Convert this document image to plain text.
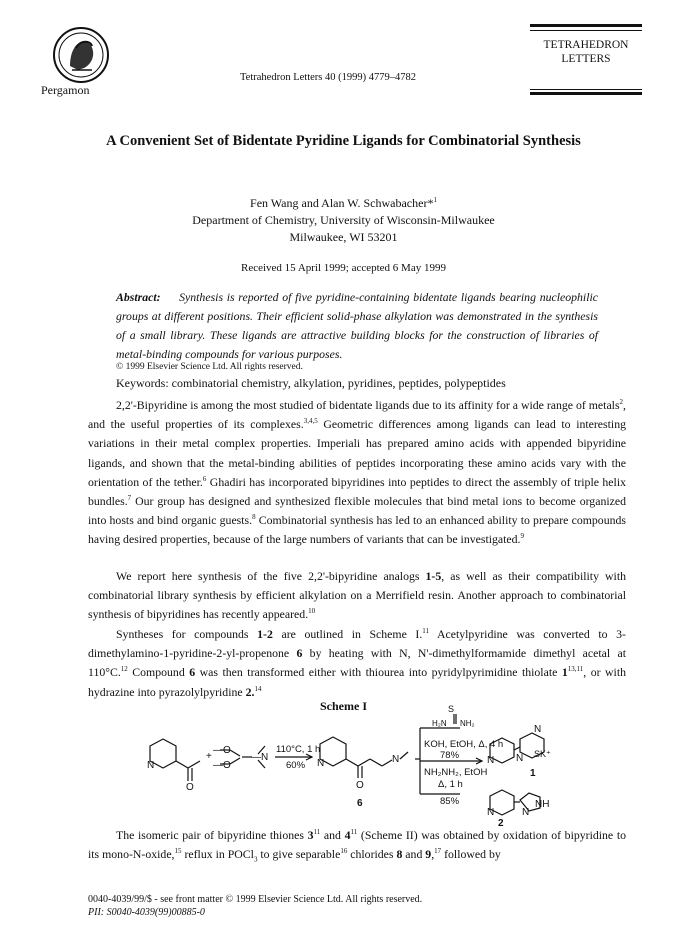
Pergamon
Tetrahedron Letters 40 (1999) 4779–4782
TETRAHEDRON
LETTERS
A Convenient Set of Bidentate Pyridine Ligands for Combinatorial Synthesis
Fen Wang and Alan W. Schwabacher*$^1$
Department of Chemistry, University of Wisconsin-Milwaukee
Milwaukee, WI 53201
Received 15 April 1999; accepted 6 May 1999
Abstract: Synthesis is reported of five pyridine-containing bidentate ligands bearing nucleophilic groups at different positions. Their efficient solid-phase alkylation was demonstrated in the synthesis of a small library. These ligands are attractive building blocks for the construction of libraries of metal-binding compounds for various purposes.
© 1999 Elsevier Science Ltd. All rights reserved.
Keywords: combinatorial chemistry, alkylation, pyridines, peptides, polypeptides

2,2'-Bipyridine is among the most studied of bidentate ligands due to its affinity for a wide range of metals$^2$, and the useful properties of its complexes.$^{3,4,5}$ Geometric differences among ligands can lead to interesting variations in their metal complex properties. Imperiali has prepared amino acids with appended bipyridine ligands, and shown that the metal-binding abilities of peptides incorporating these amino acids vary with the orientation of the tether.$^6$ Ghadiri has incorporated bipyridines into peptides to direct the assembly of triple helix bundles.$^7$ Our group has designed and synthesized flexible molecules that bind metal ions to become organized into hosts and bind organic guests.$^8$ Combinatorial synthesis has led to an enhanced ability to prepare compounds having desired properties, because of the large numbers of variants that can be investigated.$^9$

We report here synthesis of the five 2,2'-bipyridine analogs 1-5, as well as their compatibility with combinatorial library synthesis by efficient alkylation on a Merrifield resin. Another approach to combinatorial synthesis of bipyridines has recently appeared.$^{10}$

Syntheses for compounds 1-2 are outlined in Scheme I.$^{11}$ Acetylpyridine was converted to 3-dimethylamino-1-pyridine-2-yl-propenone 6 by heating with N, N'-dimethylformamide dimethyl acetal at 110°C.$^{12}$ Compound 6 was then transformed either with thiourea into pyridylpyrimidine thiolate 1$^{13,11}$, or with hydrazine into pyrazolylpyridine 2.14

Scheme I
N
O
+
—O
—O
—N
N
O
N	N N
N
N	N
NH
S
H₂N NH₂
SK⁺
110°C, 1 h
60%
KOH, EtOH, Δ, 4 h
78%
NH₂NH₂, EtOH
Δ, 1 h
85%
6
1
2

The isomeric pair of bipyridine thiones $3^{11}$ and $4^{11}$ (Scheme II) was obtained by oxidation of bipyridine to its mono-N-oxide,$^{15}$ reflux in POCl$_3$ to give separable$^{16}$ chlorides 8 and 9,17 followed by

0040-4039/99/$ - see front matter © 1999 Elsevier Science Ltd. All rights reserved.
PII: S0040-4039(99)00885-0
